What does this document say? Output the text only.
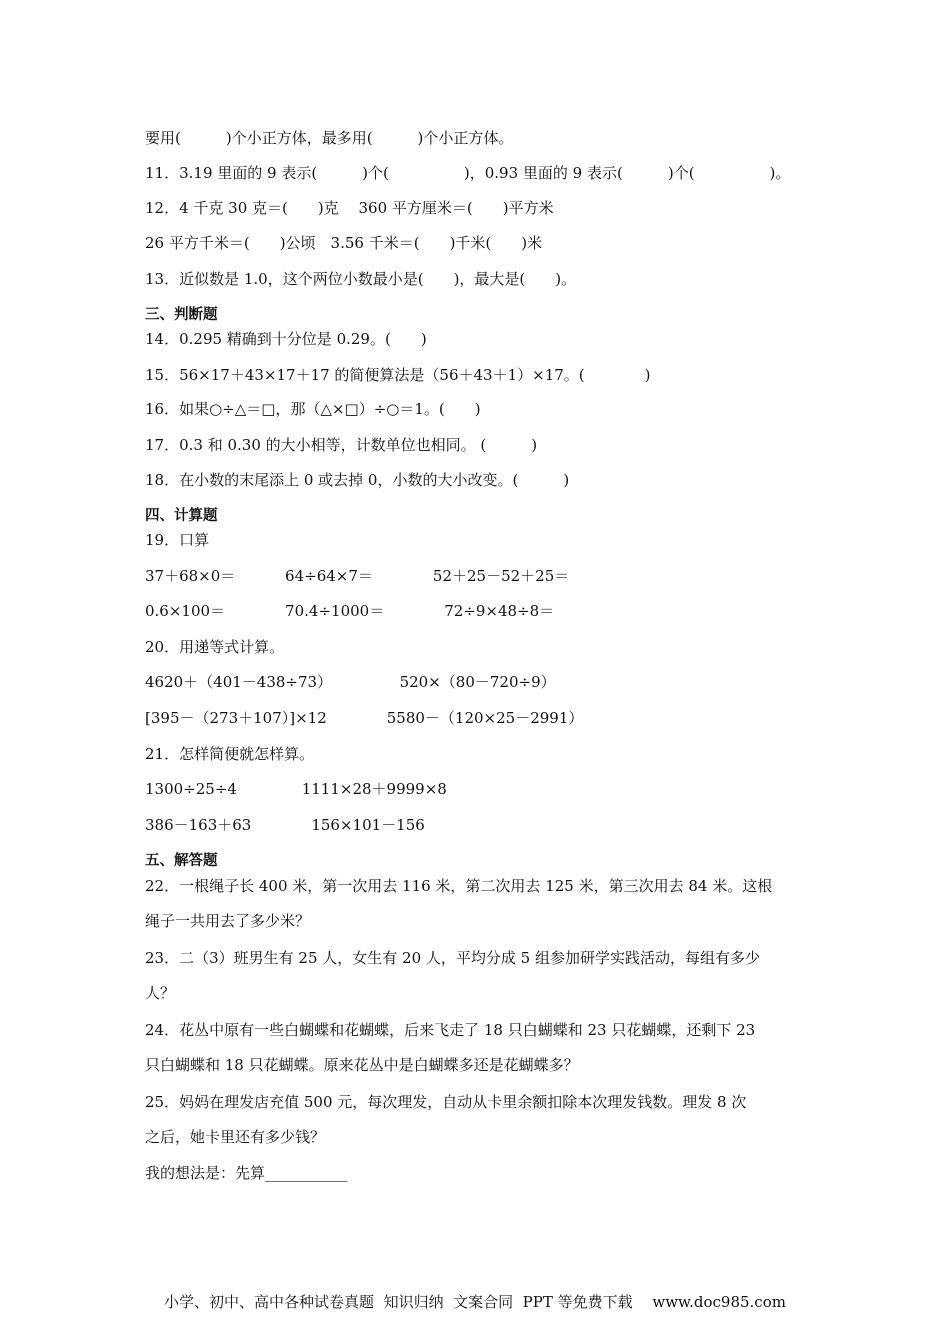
要用(　　　)个小正方体，最多用(　　　)个小正方体。
11．3.19 里面的 9 表示(　　　)个(　　　　　)，0.93 里面的 9 表示(　　　)个(　　　　　)。
12．4 千克 30 克＝(　　)克　 360 平方厘米＝(　　)平方米
26 平方千米＝(　　)公顷　3.56 千米＝(　　)千米(　　)米
13．近似数是 1.0，这个两位小数最小是(　　)，最大是(　　)。
三、判断题
14．0.295 精确到十分位是 0.29。(　　)
15．56×17＋43×17＋17 的简便算法是（56＋43＋1）×17。(　　　　)
16．如果○÷△＝□，那（△×□）÷○＝1。(　　)
17．0.3 和 0.30 的大小相等，计数单位也相同。 (　　　)
18．在小数的末尾添上 0 或去掉 0，小数的大小改变。(　　　)
四、计算题
19．口算
37＋68×0＝　　　 64÷64×7＝　　　　52＋25－52＋25＝
0.6×100＝　　　　70.4÷1000＝　　　　72÷9×48÷8＝
20．用递等式计算。
4620＋（401－438÷73）　　　　　520×（80－720÷9）
[395－（273＋107）]×12　　　　5580－（120×25－2991）
21．怎样简便就怎样算。
1300÷25÷4　　　　 1111×28＋9999×8
386－163＋63　　　　156×101－156
五、解答题
22．一根绳子长 400 米，第一次用去 116 米，第二次用去 125 米，第三次用去 84 米。这根
绳子一共用去了多少米？
23．二（3）班男生有 25 人，女生有 20 人，平均分成 5 组参加研学实践活动，每组有多少
人？
24．花丛中原有一些白蝴蝶和花蝴蝶，后来飞走了 18 只白蝴蝶和 23 只花蝴蝶，还剩下 23
只白蝴蝶和 18 只花蝴蝶。原来花丛中是白蝴蝶多还是花蝴蝶多？
25．妈妈在理发店充值 500 元，每次理发，自动从卡里余额扣除本次理发钱数。理发 8 次
之后，她卡里还有多少钱？
我的想法是：先算___________
小学、初中、高中各种试卷真题  知识归纳  文案合同  PPT 等免费下载　 www.doc985.com
